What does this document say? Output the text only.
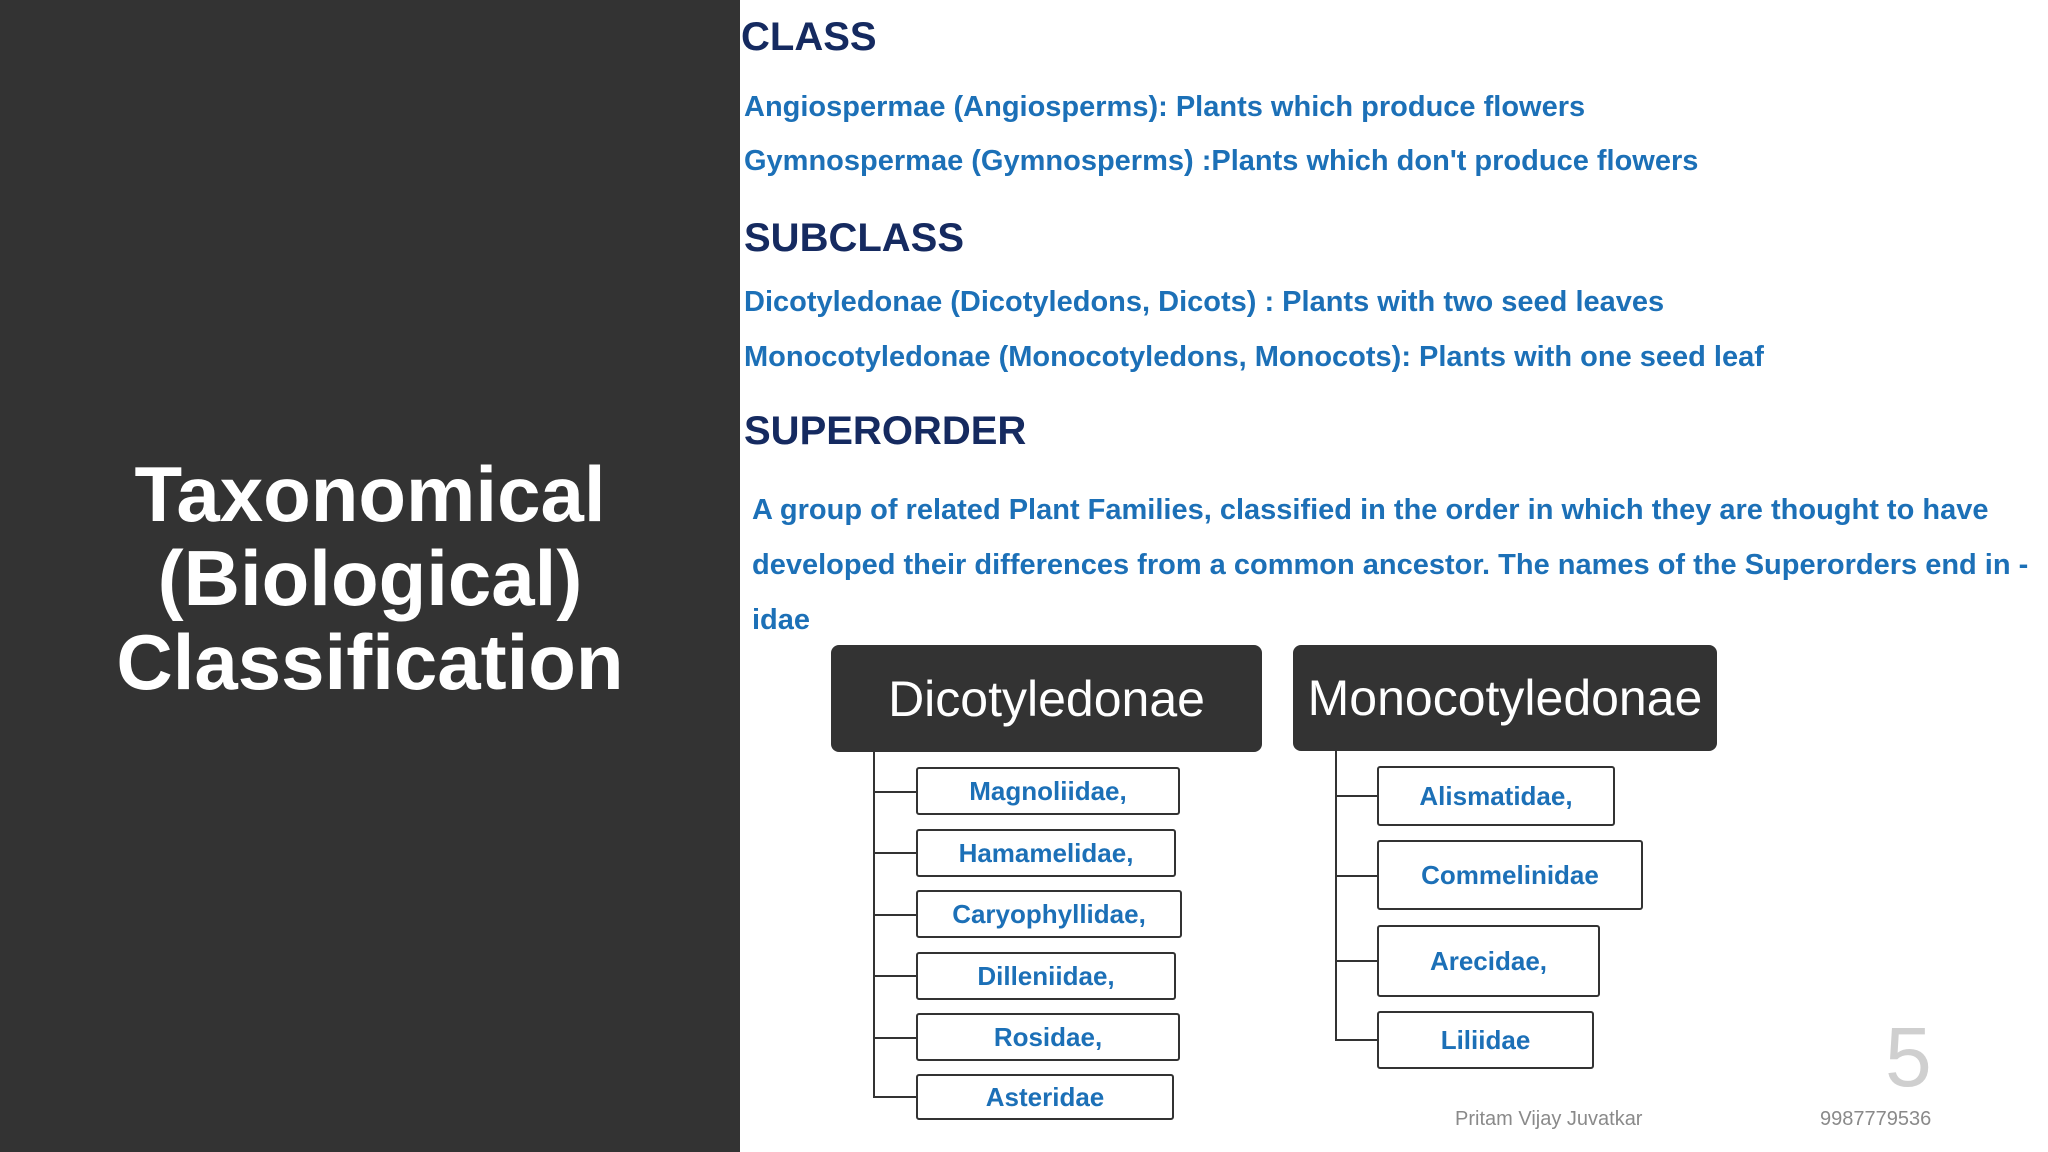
Taxonomical
(Biological)
Classification
CLASS

Angiospermae (Angiosperms): Plants which produce flowers

Gymnospermae (Gymnosperms) :Plants which don't produce flowers

SUBCLASS

Dicotyledonae (Dicotyledons, Dicots) : Plants with two seed leaves

Monocotyledonae (Monocotyledons, Monocots): Plants with one seed leaf

SUPERORDER

A group of related Plant Families, classified in the order in which they are thought to have developed their differences from a common ancestor. The names of the Superorders end in -idae

Dicotyledonae
Magnoliidae,
Hamamelidae,
Caryophyllidae,
Dilleniidae,
Rosidae,
Asteridae
Monocotyledonae
Alismatidae,
Commelinidae
Arecidae,
Liliidae
Pritam Vijay Juvatkar	9987779536
5
